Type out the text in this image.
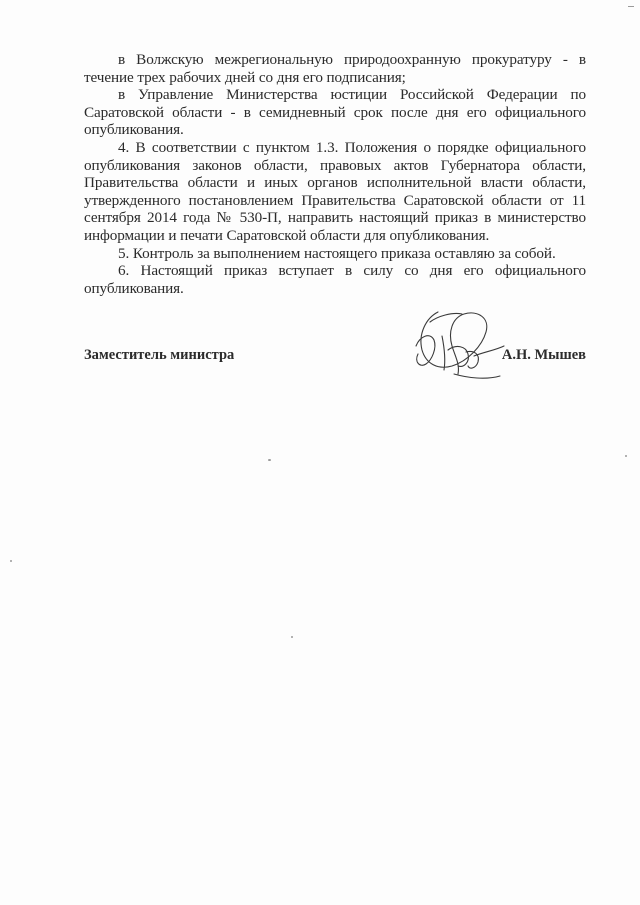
в Волжскую межрегиональную природоохранную прокуратуру - в течение трех рабочих дней со дня его подписания;

в Управление Министерства юстиции Российской Федерации по Саратовской области - в семидневный срок после дня его официального опубликования.

4. В соответствии с пунктом 1.3. Положения о порядке официального опубликования законов области, правовых актов Губернатора области, Правительства области и иных органов исполнительной власти области, утвержденного постановлением Правительства Саратовской области от 11 сентября 2014 года № 530-П, направить настоящий приказ в министерство информации и печати Саратовской области для опубликования.

5. Контроль за выполнением настоящего приказа оставляю за собой.

6. Настоящий приказ вступает в силу со дня его официального опубликования.

Заместитель министра	А.Н. Мышев
